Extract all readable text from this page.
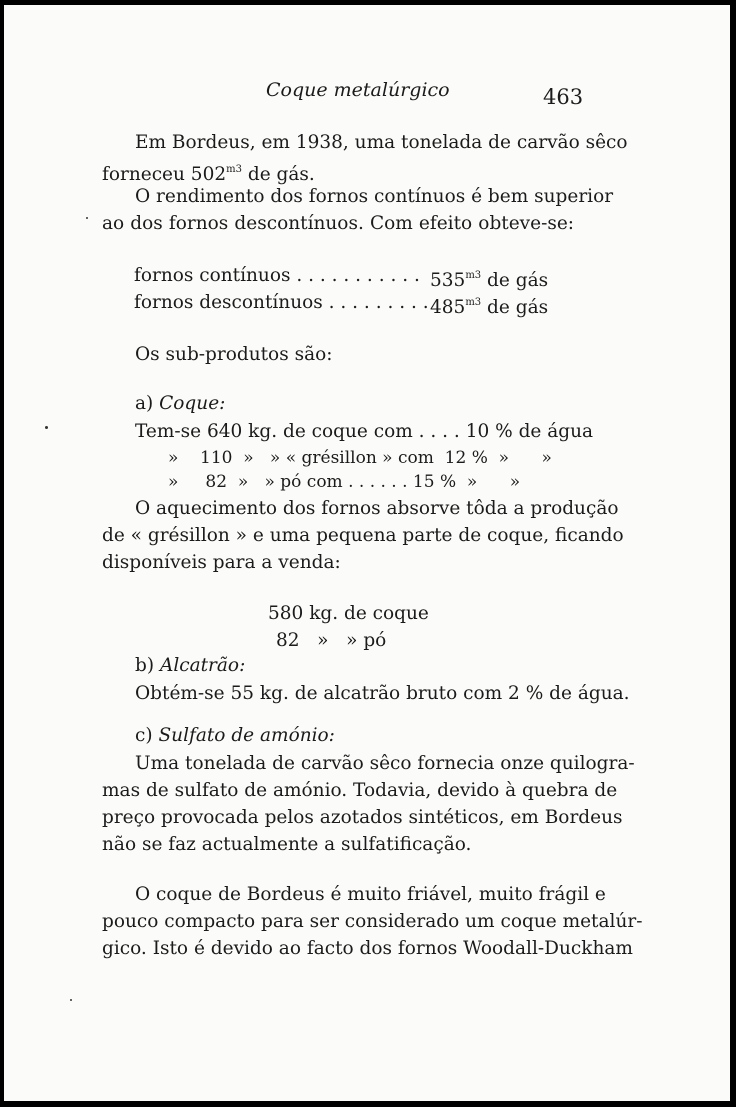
Coque metalúrgico	463
Em Bordeus, em 1938, uma tonelada de carvão sêco
forneceu $502^{m3}$ de gás.
O rendimento dos fornos contínuos é bem superior
ao dos fornos descontínuos. Com efeito obteve-se:
fornos contínuos . . . . . . . . . . . $535^{m3}$ de gás
fornos descontínuos . . . . . . . . . $485^{m3}$ de gás
Os sub-produtos são:
a) Coque:
Tem-se 640 kg. de coque com . . . . 10 % de água
»    110  »   » « grésillon » com  12 %  »      »
»     82  »   » pó com . . . . . . 15 %  »      »
O aquecimento dos fornos absorve tôda a produção
de « grésillon » e uma pequena parte de coque, ficando
disponíveis para a venda:
580 kg. de coque
82   »   » pó
b) Alcatrão:
Obtém-se 55 kg. de alcatrão bruto com 2 % de água.
c) Sulfato de amónio:
Uma tonelada de carvão sêco fornecia onze quilogra-
mas de sulfato de amónio. Todavia, devido à quebra de
preço provocada pelos azotados sintéticos, em Bordeus
não se faz actualmente a sulfatificação.
O coque de Bordeus é muito friável, muito frágil e
pouco compacto para ser considerado um coque metalúr-
gico. Isto é devido ao facto dos fornos Woodall-Duckham
